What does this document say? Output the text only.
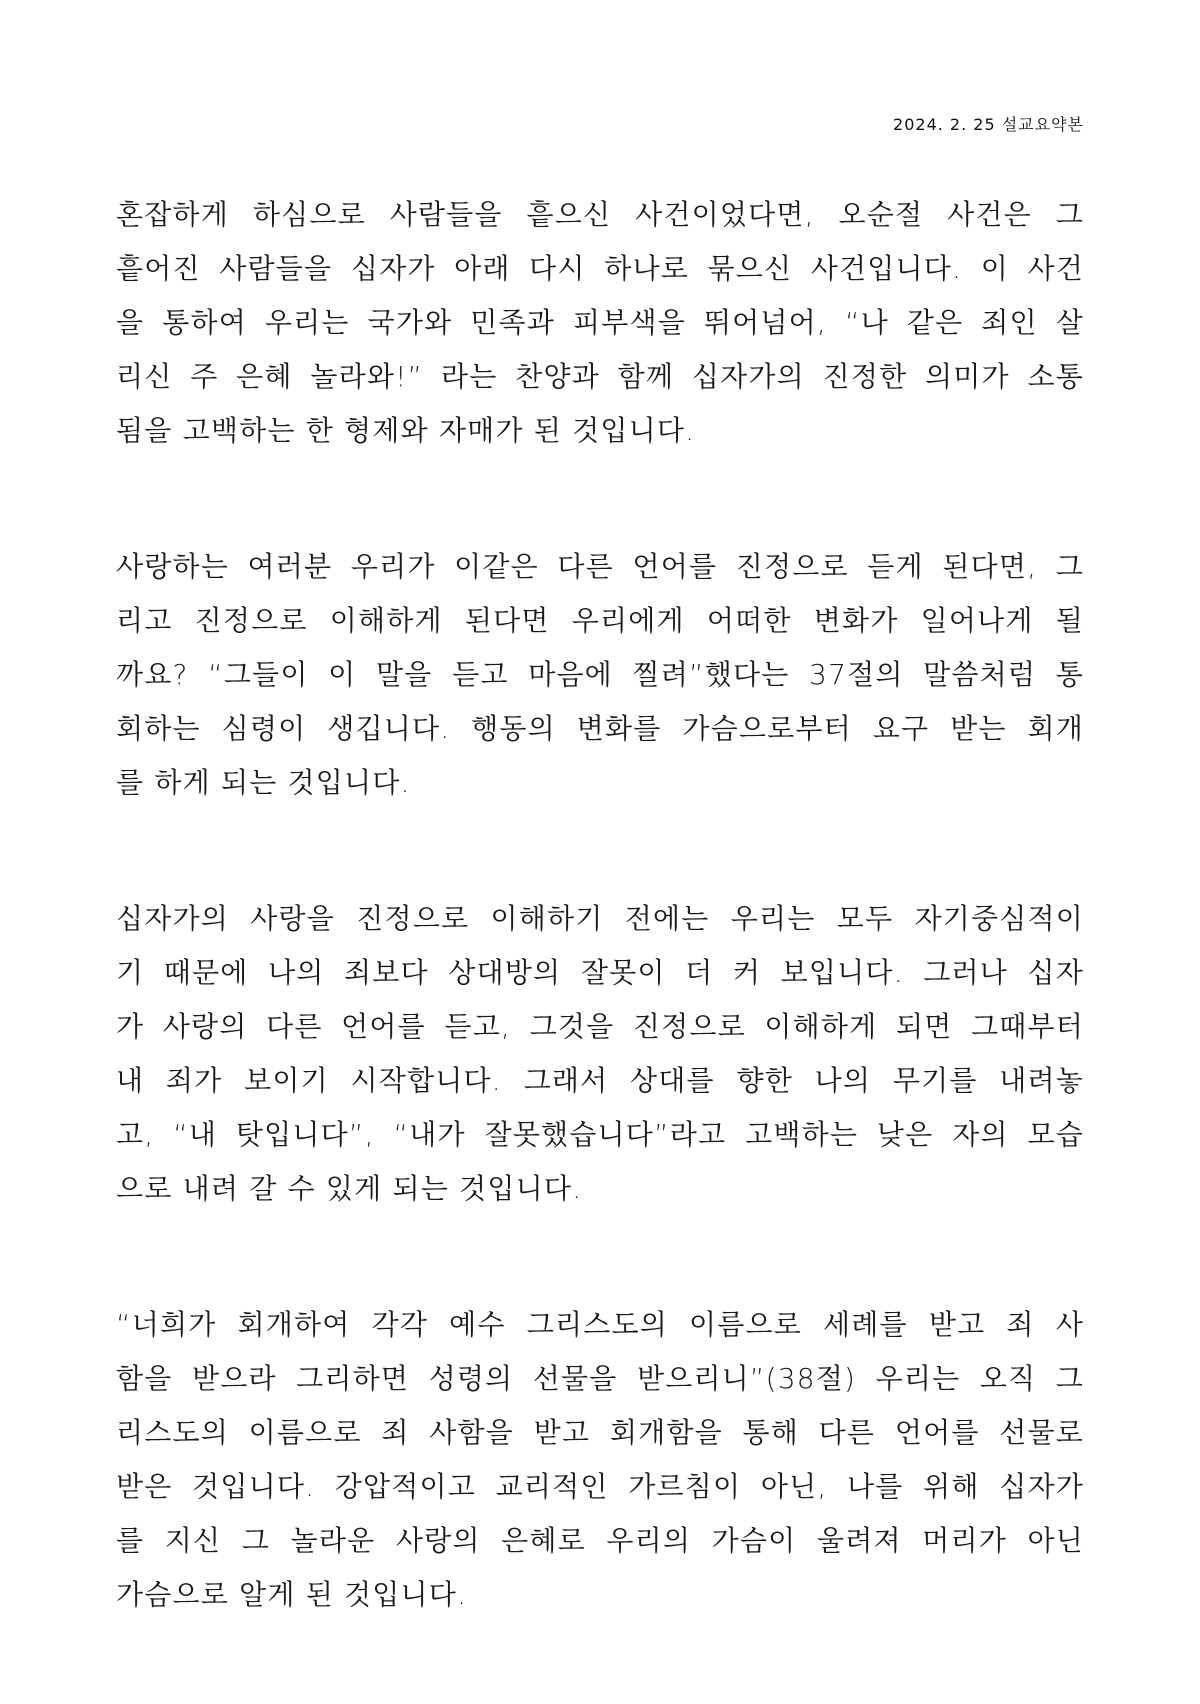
2024. 2. 25 설교요약본

혼잡하게 하심으로 사람들을 흩으신 사건이었다면, 오순절 사건은 그
흩어진 사람들을 십자가 아래 다시 하나로 묶으신 사건입니다. 이 사건
을 통하여 우리는 국가와 민족과 피부색을 뛰어넘어, “나 같은 죄인 살
리신 주 은혜 놀라와!” 라는 찬양과 함께 십자가의 진정한 의미가 소통
됨을 고백하는 한 형제와 자매가 된 것입니다.

사랑하는 여러분 우리가 이같은 다른 언어를 진정으로 듣게 된다면, 그
리고 진정으로 이해하게 된다면 우리에게 어떠한 변화가 일어나게 될
까요? “그들이 이 말을 듣고 마음에 찔려”했다는 37절의 말씀처럼 통
회하는 심령이 생깁니다. 행동의 변화를 가슴으로부터 요구 받는 회개
를 하게 되는 것입니다.

십자가의 사랑을 진정으로 이해하기 전에는 우리는 모두 자기중심적이
기 때문에 나의 죄보다 상대방의 잘못이 더 커 보입니다. 그러나 십자
가 사랑의 다른 언어를 듣고, 그것을 진정으로 이해하게 되면 그때부터
내 죄가 보이기 시작합니다. 그래서 상대를 향한 나의 무기를 내려놓
고, “내 탓입니다”, “내가 잘못했습니다”라고 고백하는 낮은 자의 모습
으로 내려 갈 수 있게 되는 것입니다.

“너희가 회개하여 각각 예수 그리스도의 이름으로 세례를 받고 죄 사
함을 받으라 그리하면 성령의 선물을 받으리니”(38절) 우리는 오직 그
리스도의 이름으로 죄 사함을 받고 회개함을 통해 다른 언어를 선물로
받은 것입니다. 강압적이고 교리적인 가르침이 아닌, 나를 위해 십자가
를 지신 그 놀라운 사랑의 은혜로 우리의 가슴이 울려져 머리가 아닌
가슴으로 알게 된 것입니다.
